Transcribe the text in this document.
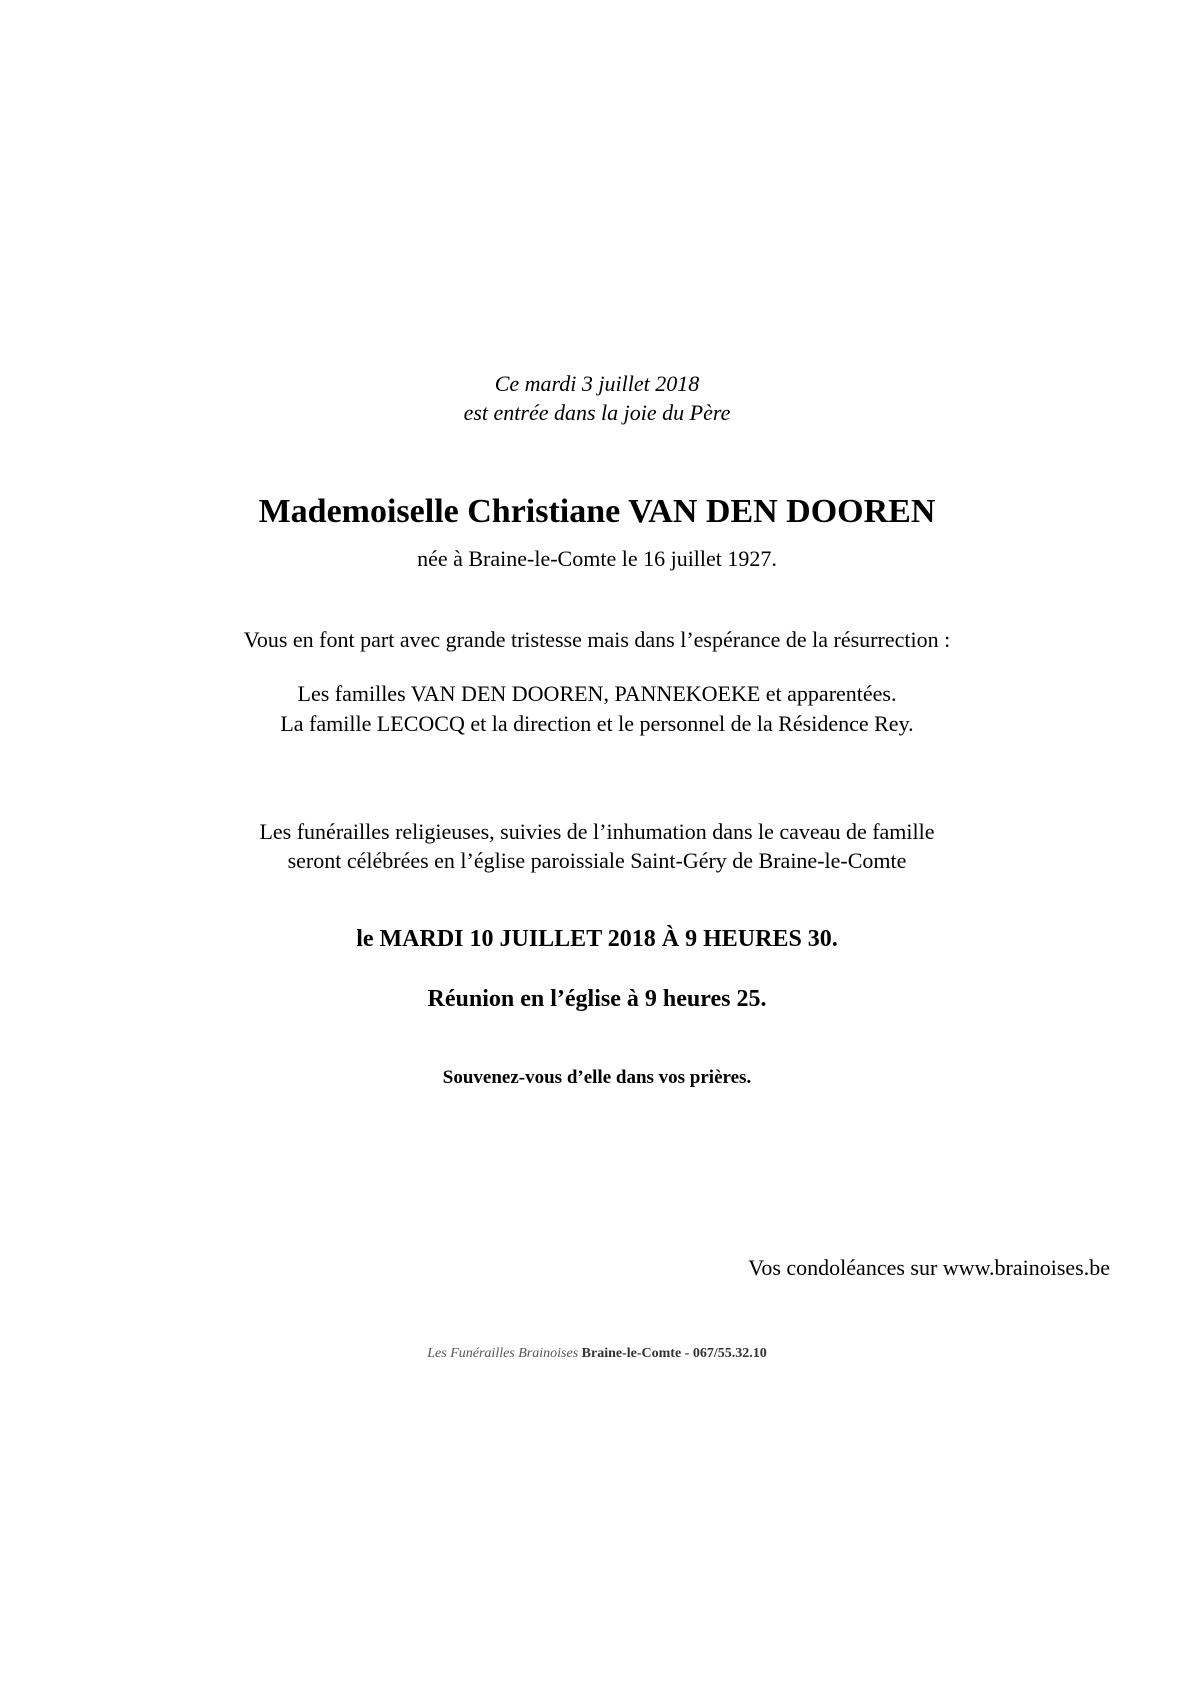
Ce mardi 3 juillet 2018
est entrée dans la joie du Père
Mademoiselle Christiane VAN DEN DOOREN
née à Braine-le-Comte le 16 juillet 1927.
Vous en font part avec grande tristesse mais dans l’espérance de la résurrection :
Les familles VAN DEN DOOREN, PANNEKOEKE et apparentées.
La famille LECOCQ et la direction et le personnel de la Résidence Rey.
Les funérailles religieuses, suivies de l’inhumation dans le caveau de famille
seront célébrées en l’église paroissiale Saint-Géry de Braine-le-Comte
le MARDI 10 JUILLET 2018 À 9 HEURES 30.
Réunion en l’église à 9 heures 25.
Souvenez-vous d’elle dans vos prières.
Vos condoléances sur www.brainoises.be
Les Funérailles Brainoises Braine-le-Comte - 067/55.32.10
